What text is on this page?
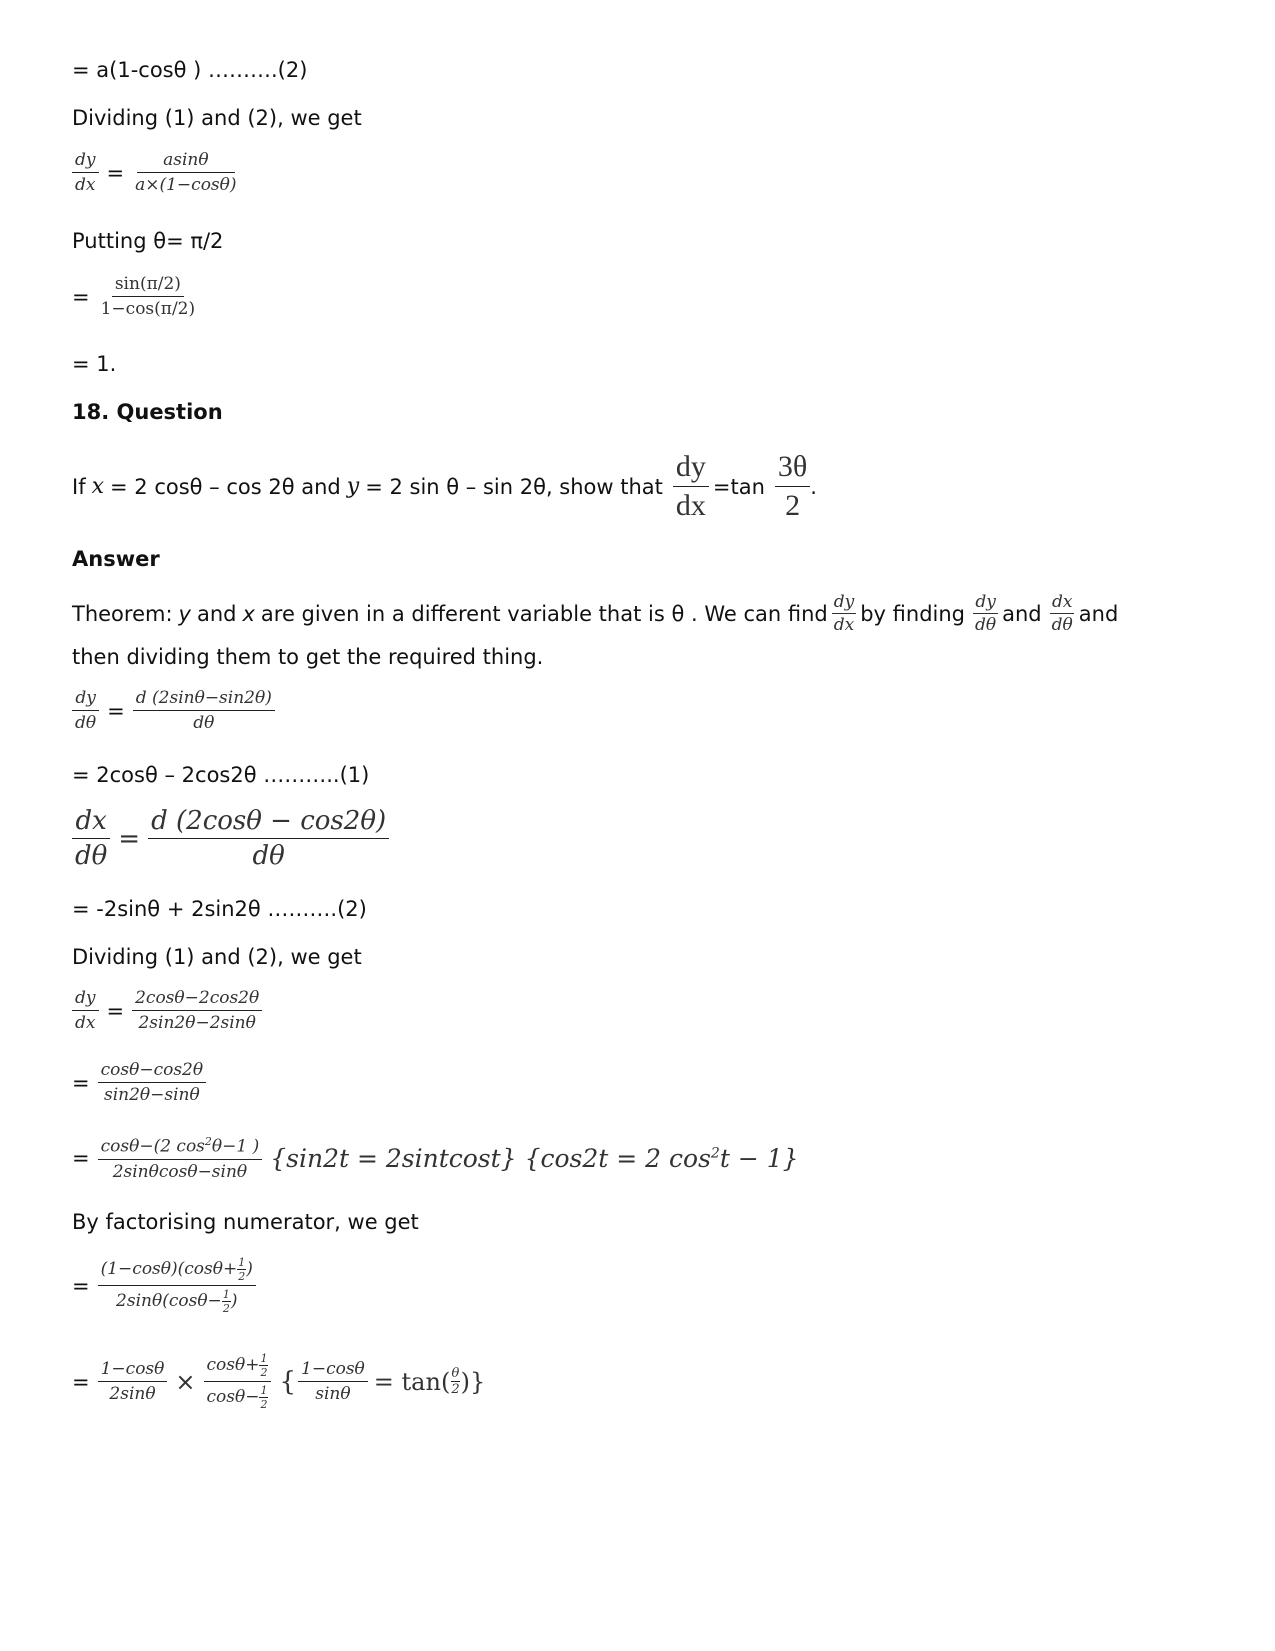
= a(1-cosθ ) ……….(2)
Dividing (1) and (2), we get
$\frac{dy}{dx} = \frac{asin\theta}{a\times(1-\cos\theta)}$
Putting θ= π/2
= $\frac{\sin(\pi/2)}{1-\cos(\pi/2)}$
= 1.
18. Question
If x = 2 cosθ – cos 2θ and y = 2 sin θ – sin 2θ, show that $\frac{dy}{dx} =\tan \frac{3\theta}{2}$ .
Answer
Theorem: y and x are given in a different variable that is θ . We can find $\frac{dy}{dx}$ by finding $\frac{dy}{d\theta}$ and $\frac{dx}{d\theta}$ and
then dividing them to get the required thing.
$\frac{dy}{d\theta} = \frac{d (2\sin\theta-\sin 2\theta)}{d\theta}$
= 2cosθ – 2cos2θ ………..(1)
$\frac{dx}{d\theta} = \frac{d (2\cos\theta - \cos 2\theta)}{d\theta}$
= -2sinθ + 2sin2θ ……….(2)
Dividing (1) and (2), we get
$\frac{dy}{dx} = \frac{2\cos\theta-2\cos 2\theta}{2\sin 2\theta-2\sin\theta}$
= $\frac{\cos\theta-\cos 2\theta}{\sin 2\theta-\sin\theta}$
= $\frac{\cos\theta-(2 \cos^2\theta-1 )}{2\sin\theta\cos\theta-\sin\theta} \{\sin 2t$ = 2sintcost} {cos2t = 2 $\cos^2t - 1$}
By factorising numerator, we get
= $\frac{(1-\cos\theta)(\cos\theta+ \frac{1}{2} )}{2\sin\theta(\cos\theta- \frac{1}{2} )}$
= $\frac{1-\cos\theta}{2\sin\theta} \times \frac{\cos\theta+ \frac{1}{2}}{\cos\theta- \frac{1}{2}}$ { $\frac{1-\cos\theta}{\sin\theta} = \tan( \frac{\theta}{2}$ )}
